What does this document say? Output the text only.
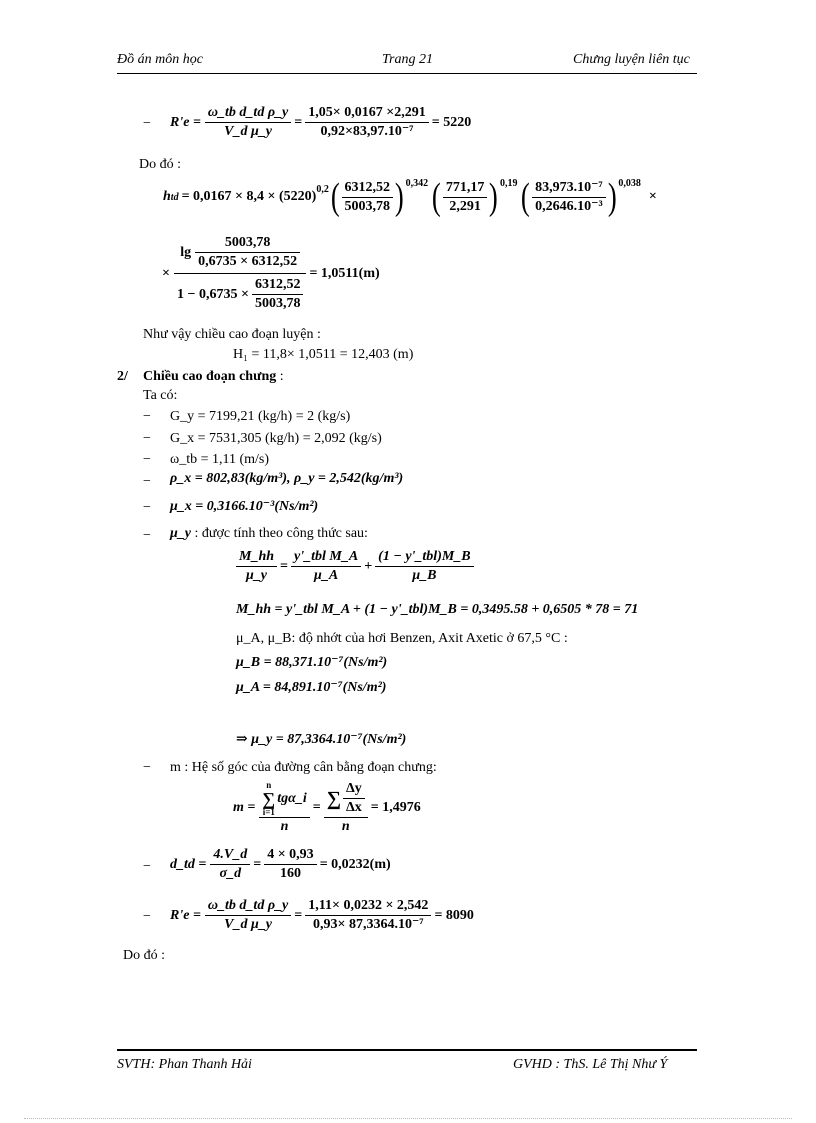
Đồ án môn học	Trang 21	Chưng luyện liên tục
− $R'e = \frac{\text{ω\_tb d\_td ρ\_y}}{\text{V\_d μ\_y}} = \frac{1,05\times 0,0167 \times 2,291}{\text{0,92×83,97.10⁻⁷}} = 5220$
Do đó :
h td = $0,0167 \times 8,4 \times (5220)^{0,2}$ ( $\frac{6312,52}{5003,78} )^{0,342}$ ( $\frac{771,17}{2,291} )^{0,19}$ ( $\frac{\text{83,973.10⁻⁷}}{\text{0,2646.10⁻³}} )^{0,038}$
×
× $\frac{\lg \frac{5003,78}{0,6735 \times 6312,52}}{1 - 0,6735 \times \frac{6312,52}{5003,78}} = 1,0511(m)$
Như vậy chiều cao đoạn luyện :
H₁ = 11,8× 1,0511 = 12,403 (m)
2/ Chiều cao đoạn chưng :
Ta có:
− G_y = 7199,21 (kg/h) = 2 (kg/s)
− G_x = 7531,305 (kg/h) = 2,092 (kg/s)
− ω_tb = 1,11 (m/s)
− ρ_x = 802,83(kg/m³), ρ_y = 2,542(kg/m³)
− μ_x = 0,3166.10⁻³(Ns/m²)
− μ_y : được tính theo công thức sau:
$\frac{M\_hh}{\mu\_y} = \frac{\text{y'\_tbl M\_A}}{\mu\_A} + \frac{\text{(1 − y'\_tbl)M\_B}}{\mu\_B}$
M_hh = y'_tbl M_A + (1 − y'_tbl)M_B = 0,3495.58 + 0,6505 * 78 = 71
μ_A, μ_B: độ nhớt của hơi Benzen, Axit Axetic ở 67,5 °C :
μ_B = 88,371.10⁻⁷(Ns/m²)
μ_A = 84,891.10⁻⁷(Ns/m²)
⇒ μ_y = 87,3364.10⁻⁷(Ns/m²)
− m : Hệ số góc của đường cân bằng đoạn chưng:
m = n
∑
i=1
tgα_i
$n = \frac{\sum \frac{\Delta y}{\Delta x}}{n} = 1,4976$
− d_td = $\frac{4.V\_d}{\sigma\_d} = \frac{4 \times 0,93}{160} = 0,0232(m)$
− $R'e = \frac{\text{ω\_tb d\_td ρ\_y}}{\text{V\_d μ\_y}} = \frac{1,11\times 0,0232 \times 2,542}{\text{0,93× 87,3364.10⁻⁷}} = 8090$
Do đó :
SVTH: Phan Thanh Hải	GVHD : ThS. Lê Thị Như Ý
